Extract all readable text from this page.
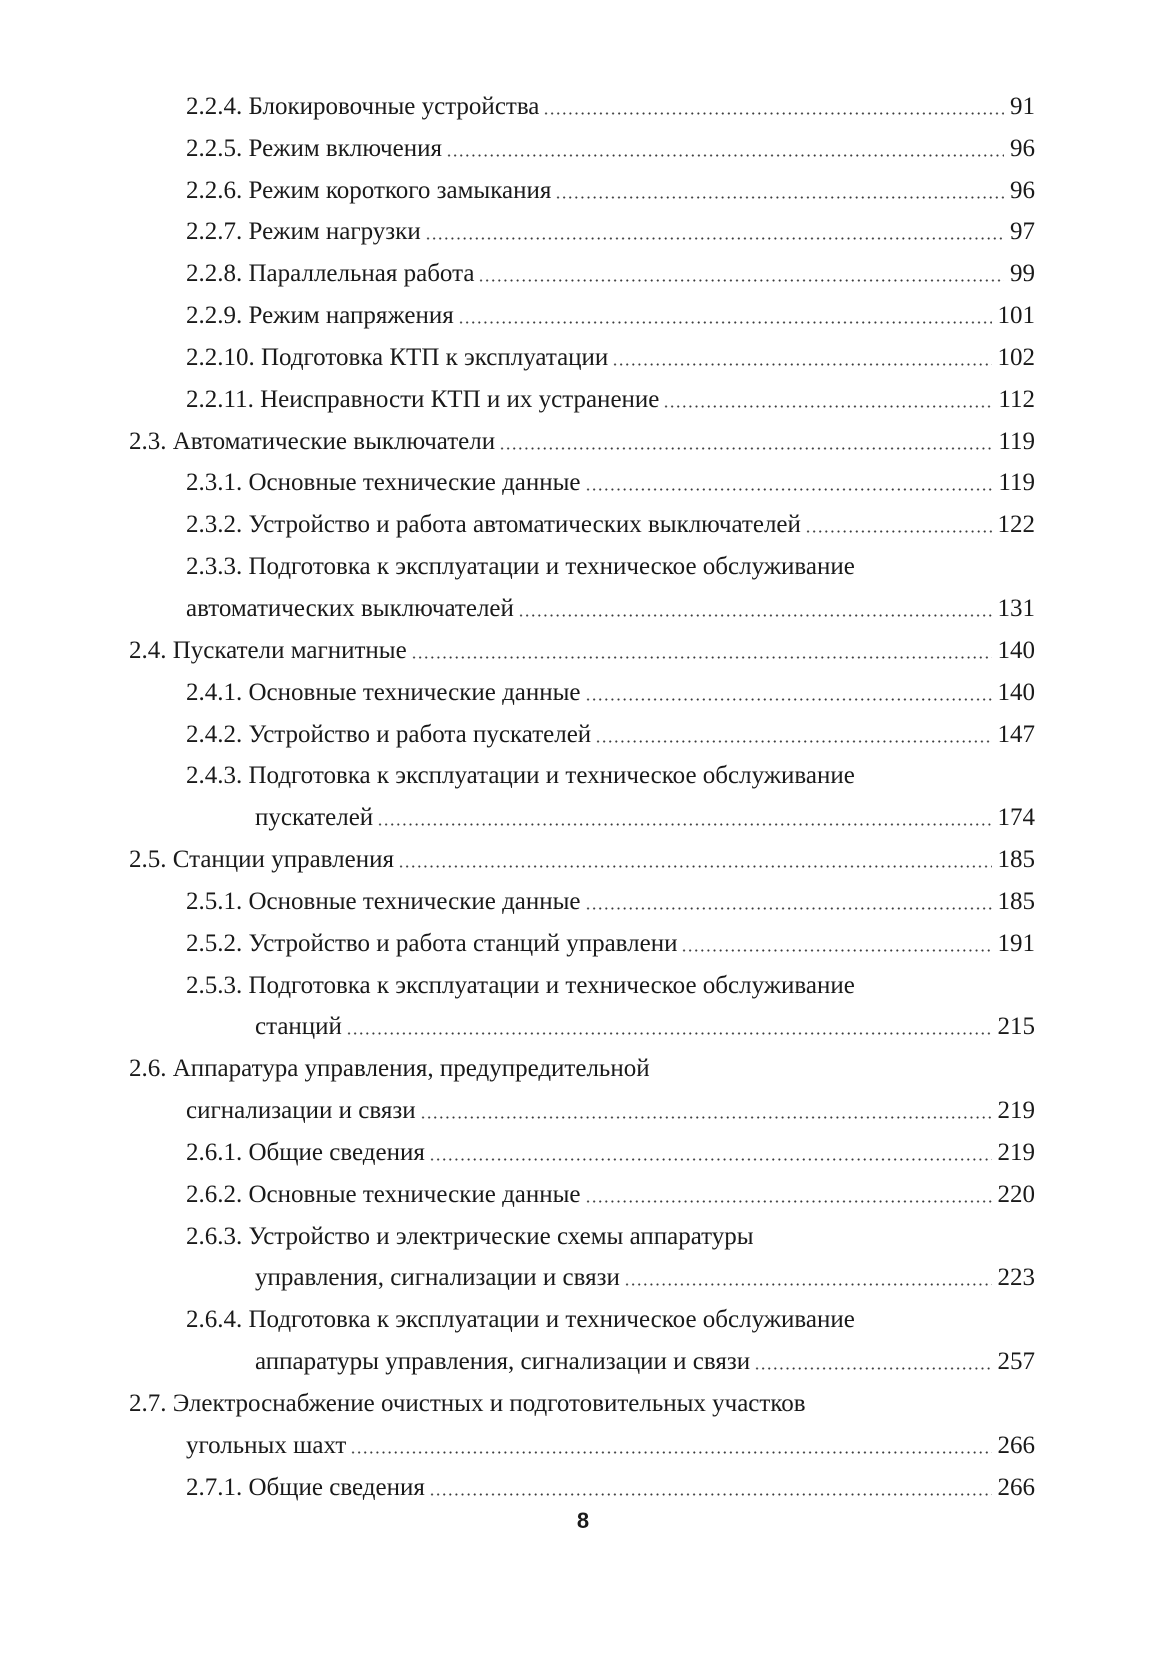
2.2.4. Блокировочные устройства	91
2.2.5. Режим включения	96
2.2.6. Режим короткого замыкания	96
2.2.7. Режим нагрузки	97
2.2.8. Параллельная работа	99
2.2.9. Режим напряжения	101
2.2.10. Подготовка КТП к эксплуатации	102
2.2.11. Неисправности КТП и их устранение	112
2.3. Автоматические выключатели	119
2.3.1. Основные технические данные	119
2.3.2. Устройство и работа автоматических выключателей	122
2.3.3. Подготовка к эксплуатации и техническое обслуживание
автоматических выключателей	131
2.4. Пускатели магнитные	140
2.4.1. Основные технические данные	140
2.4.2. Устройство и работа пускателей	147
2.4.3. Подготовка к эксплуатации и техническое обслуживание
пускателей	174
2.5. Станции управления	185
2.5.1. Основные технические данные	185
2.5.2. Устройство и работа станций управлени	191
2.5.3. Подготовка к эксплуатации и техническое обслуживание
станций	215
2.6. Аппаратура управления, предупредительной
сигнализации и связи	219
2.6.1. Общие сведения	219
2.6.2. Основные технические данные	220
2.6.3. Устройство и электрические схемы аппаратуры
управления, сигнализации и связи	223
2.6.4. Подготовка к эксплуатации и техническое обслуживание
аппаратуры управления, сигнализации и связи	257
2.7. Электроснабжение очистных и подготовительных участков
угольных шахт	266
2.7.1. Общие сведения	266
8
